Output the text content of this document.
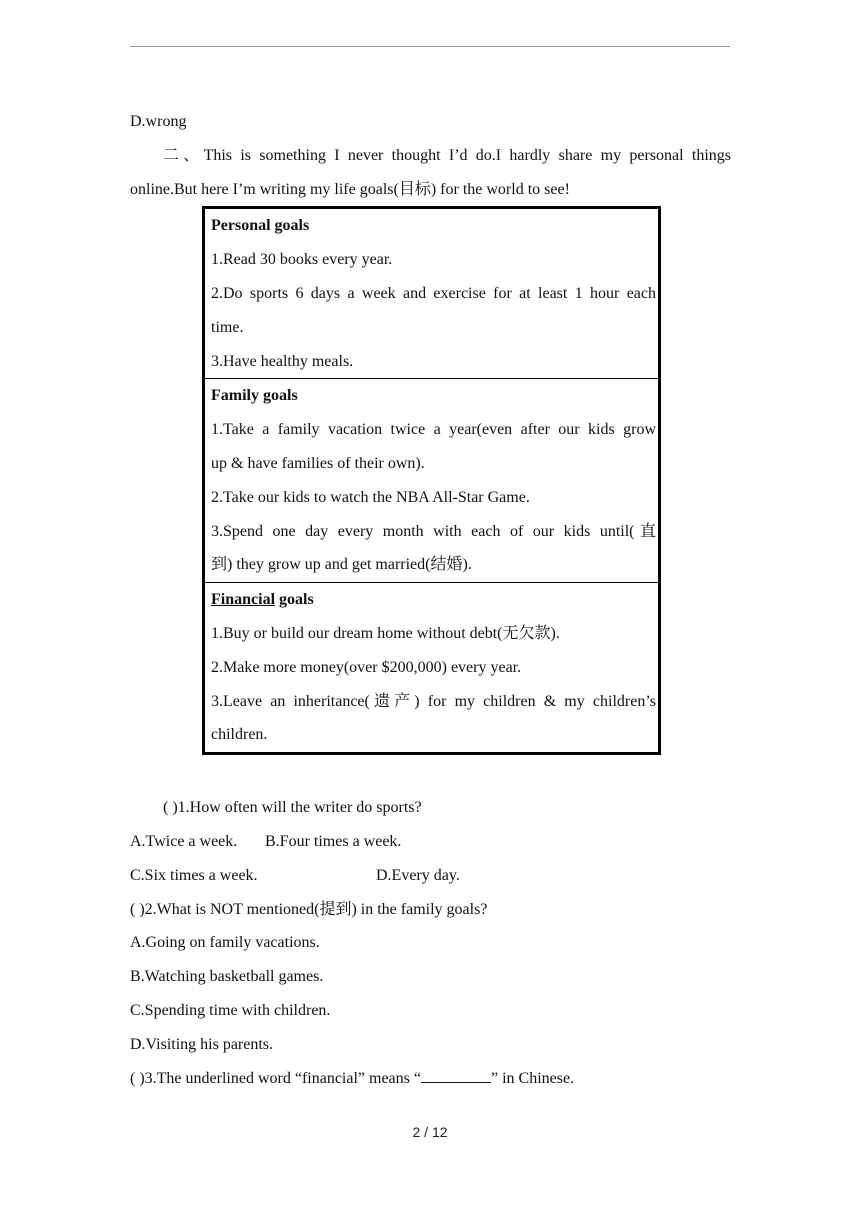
D.wrong
二、This is something I never thought I’d do.I hardly share my personal things
online.But here I’m writing my life goals(目标) for the world to see!
Personal goals
1.Read 30 books every year.
2.Do sports 6 days a week and exercise for at least 1 hour each
time.
3.Have healthy meals.
Family goals
1.Take a family vacation twice a year(even after our kids grow
up & have families of their own).
2.Take our kids to watch the NBA All-Star Game.
3.Spend one day every month with each of our kids until(直
到) they grow up and get married(结婚).
Financial goals
1.Buy or build our dream home without debt(无欠款).
2.Make more money(over $200,000) every year.
3.Leave an inheritance(遗产) for my children & my children’s
children.
( )1.How often will the writer do sports?
A.Twice a week. B.Four times a week.
C.Six times a week.	D.Every day.
( )2.What is NOT mentioned(提到) in the family goals?
A.Going on family vacations.
B.Watching basketball games.
C.Spending time with children.
D.Visiting his parents.
( )3.The underlined word “financial” means “	” in Chinese.
2 / 12
